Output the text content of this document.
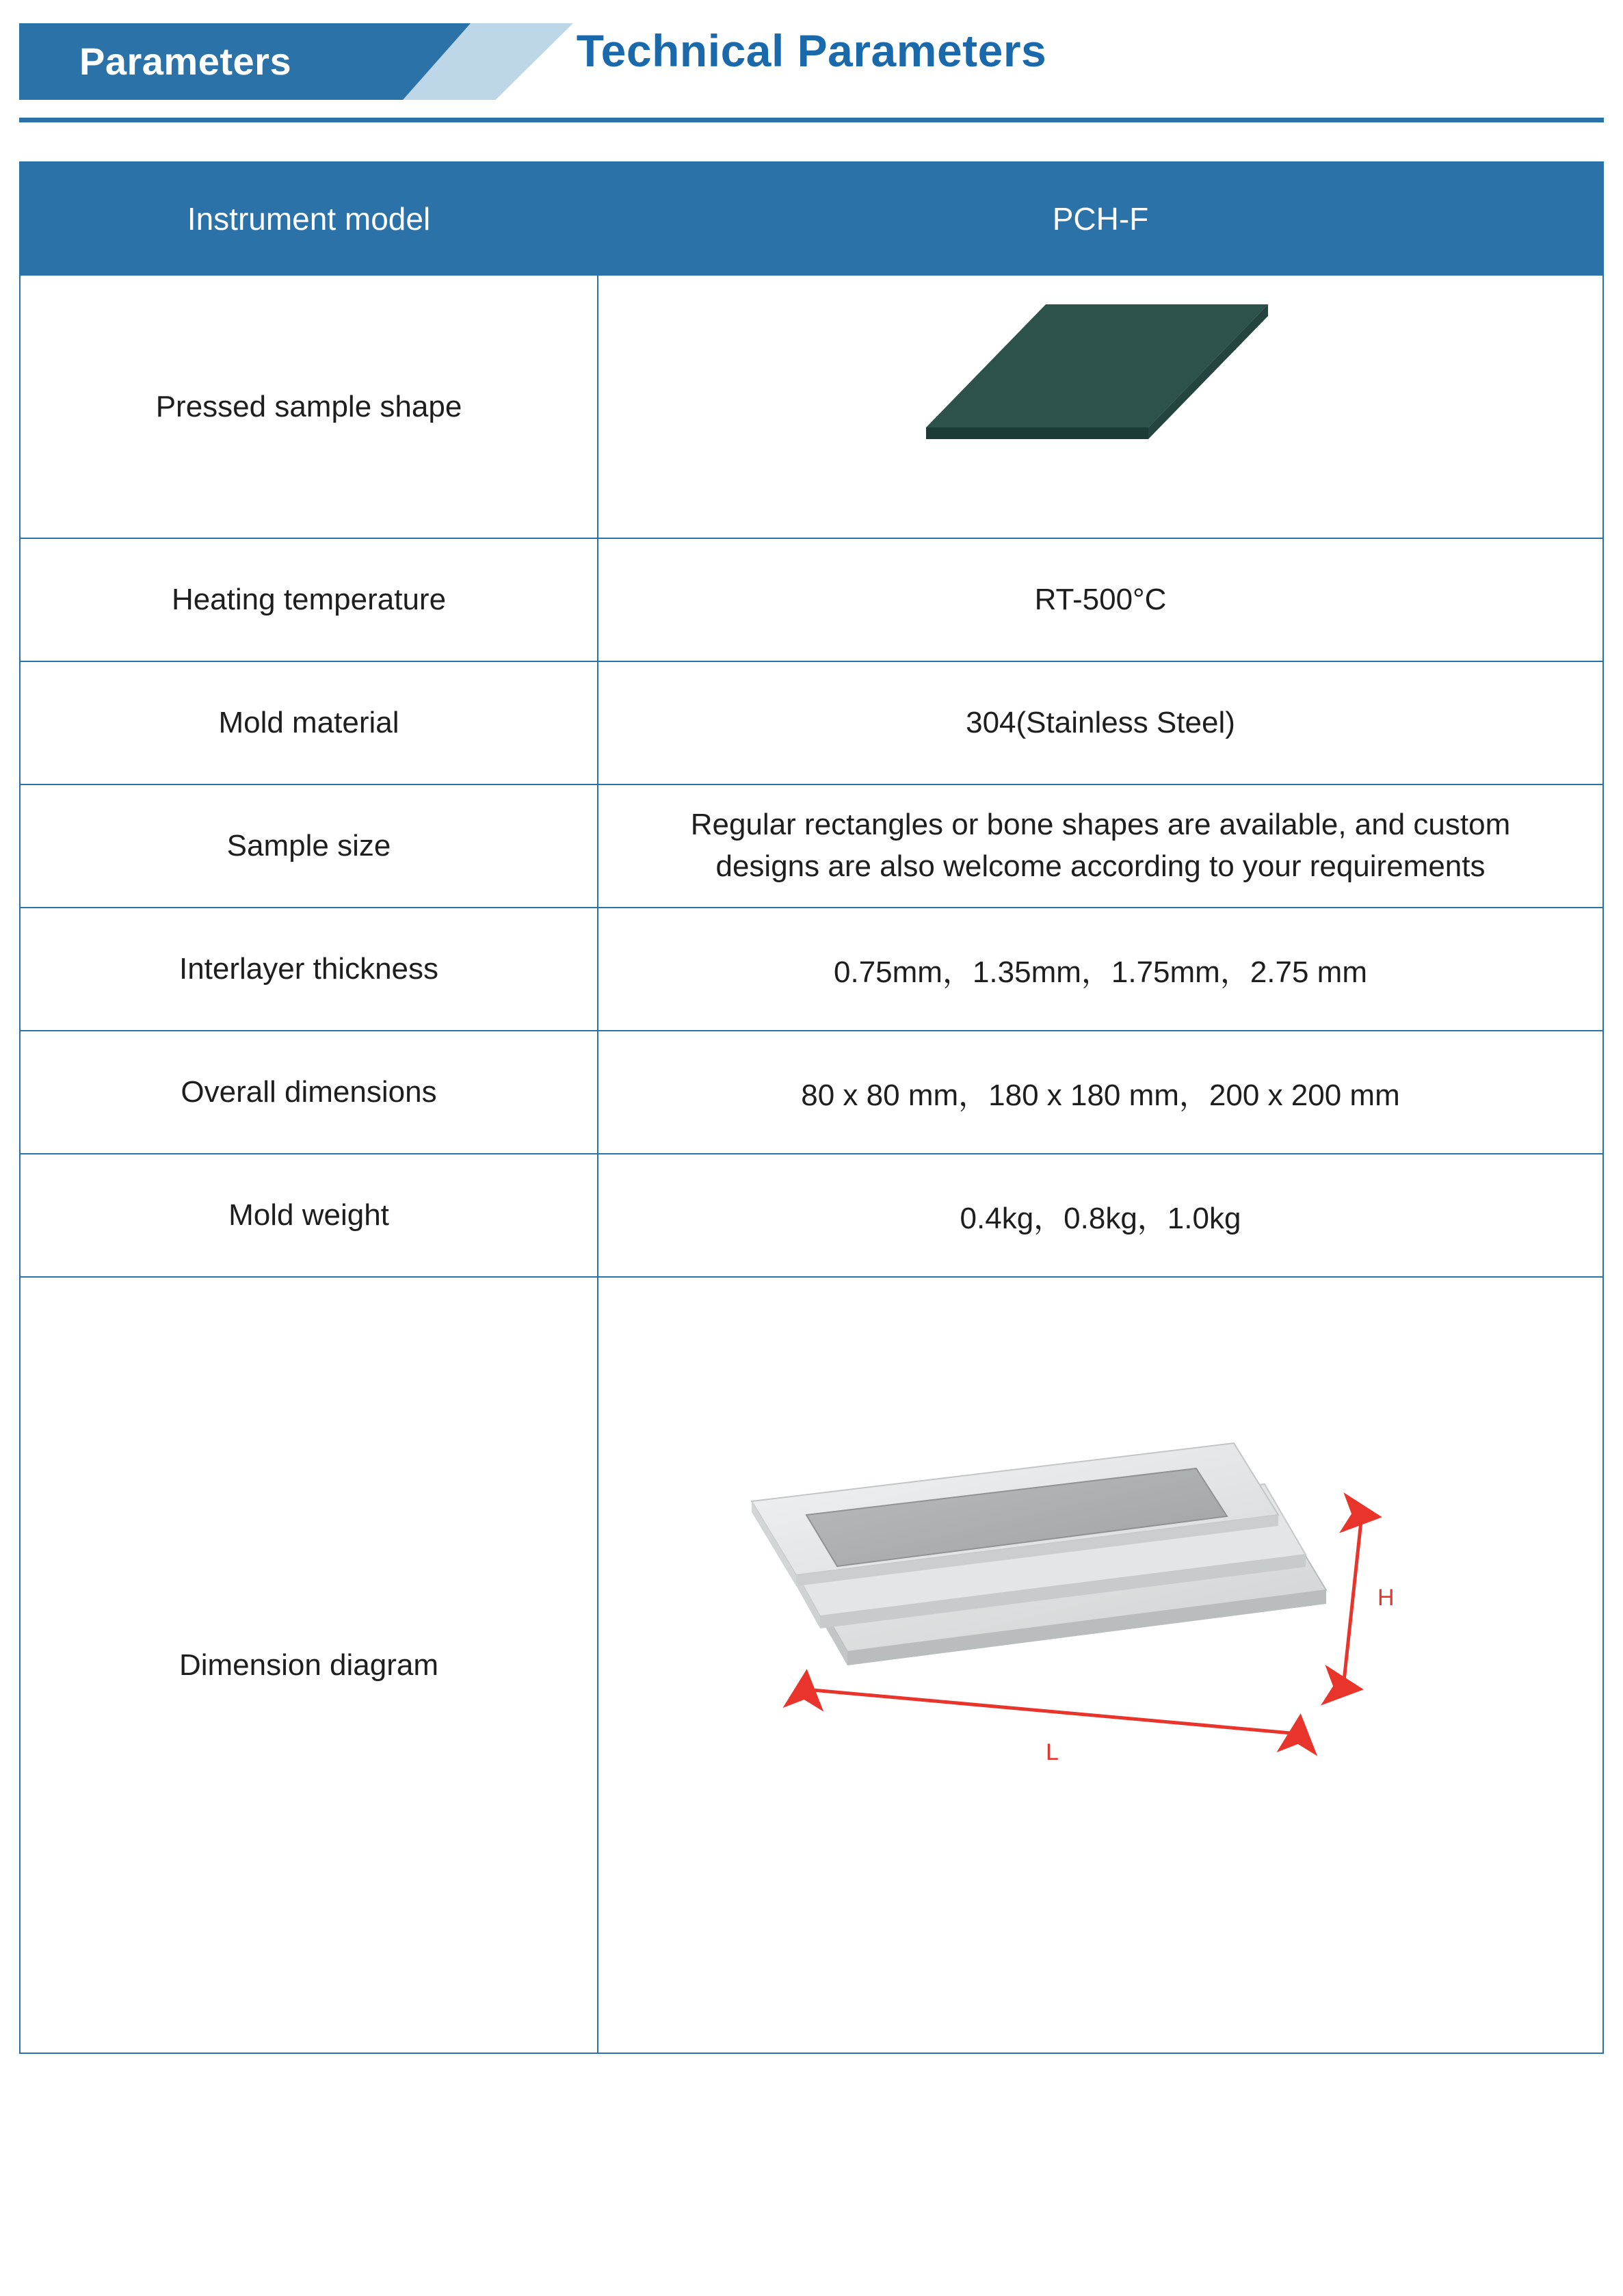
Parameters	Technical Parameters
Instrument model	PCH-F
Pressed sample shape	

Heating temperature	RT-500°C
Mold material	304(Stainless Steel)
Sample size	Regular rectangles or bone shapes are available, and custom
designs are also welcome according to your requirements

Interlayer thickness	0.75mm，1.35mm，1.75mm，2.75 mm
Overall dimensions	80 x 80 mm，180 x 180 mm，200 x 200 mm
Mold weight	0.4kg，0.8kg，1.0kg
Dimension diagram	H
L
